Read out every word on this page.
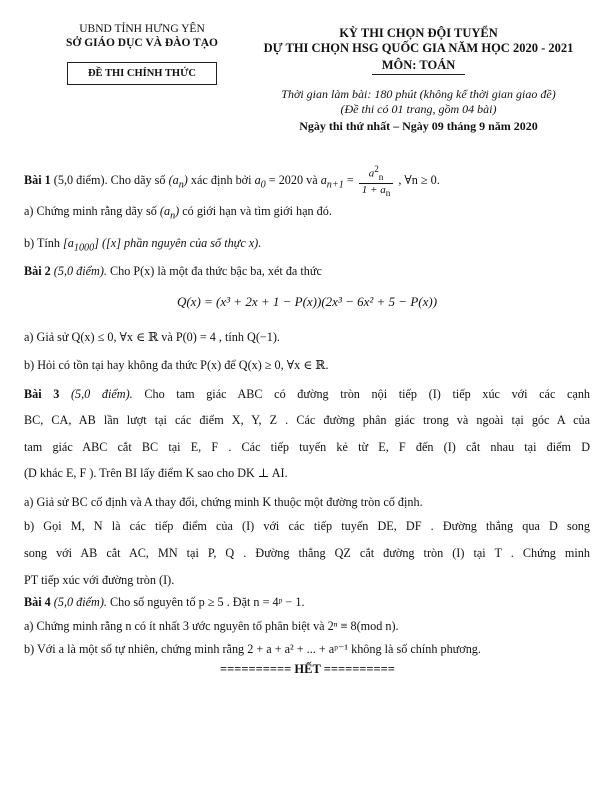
UBND TỈNH HƯNG YÊN
SỞ GIÁO DỤC VÀ ĐÀO TẠO
ĐỀ THI CHÍNH THỨC
KỲ THI CHỌN ĐỘI TUYỂN
DỰ THI CHỌN HSG QUỐC GIA NĂM HỌC 2020 - 2021
MÔN: TOÁN
Thời gian làm bài: 180 phút (không kể thời gian giao đề)
(Đề thi có 01 trang, gồm 04 bài)
Ngày thi thứ nhất – Ngày 09 tháng 9 năm 2020
Bài 1 (5,0 điểm). Cho dãy số $(a_n)$ xác định bởi $a_0 = 2020$ và $a_{n+1} = \frac{a^2_n}{1 + a_n}$ , ∀n ≥ 0.
a) Chứng minh rằng dãy số $(a_n)$ có giới hạn và tìm giới hạn đó.
b) Tính $[a_{1000}]$ ([x] phần nguyên của số thực x).
Bài 2 (5,0 điểm). Cho P(x) là một đa thức bậc ba, xét đa thức
Q(x) = (x³ + 2x + 1 − P(x))(2x³ − 6x² + 5 − P(x))
a) Giả sử Q(x) ≤ 0, ∀x ∈ ℝ và P(0) = 4 , tính Q(−1).
b) Hỏi có tồn tại hay không đa thức P(x) để Q(x) ≥ 0, ∀x ∈ ℝ.
Bài 3 (5,0 điểm). Cho tam giác ABC có đường tròn nội tiếp (I) tiếp xúc với các cạnh
BC, CA, AB lần lượt tại các điểm X, Y, Z . Các đường phân giác trong và ngoài tại góc A của
tam giác ABC cắt BC tại E, F . Các tiếp tuyến kẻ từ E, F đến (I) cắt nhau tại điểm D
(D khác E, F ). Trên BI lấy điểm K sao cho DK ⊥ AI.
a) Giả sử BC cố định và A thay đổi, chứng minh K thuộc một đường tròn cố định.
b) Gọi M, N là các tiếp điểm của (I) với các tiếp tuyến DE, DF . Đường thẳng qua D song
song với AB cắt AC, MN tại P, Q . Đường thẳng QZ cắt đường tròn (I) tại T . Chứng minh
PT tiếp xúc với đường tròn (I).
Bài 4 (5,0 điểm). Cho số nguyên tố p ≥ 5 . Đặt n = 4ᵖ − 1.
a) Chứng minh rằng n có ít nhất 3 ước nguyên tố phân biệt và 2ⁿ ≡ 8(mod n).
b) Với a là một số tự nhiên, chứng minh rằng 2 + a + a² + ... + aᵖ⁻¹ không là số chính phương.
========== HẾT ==========
